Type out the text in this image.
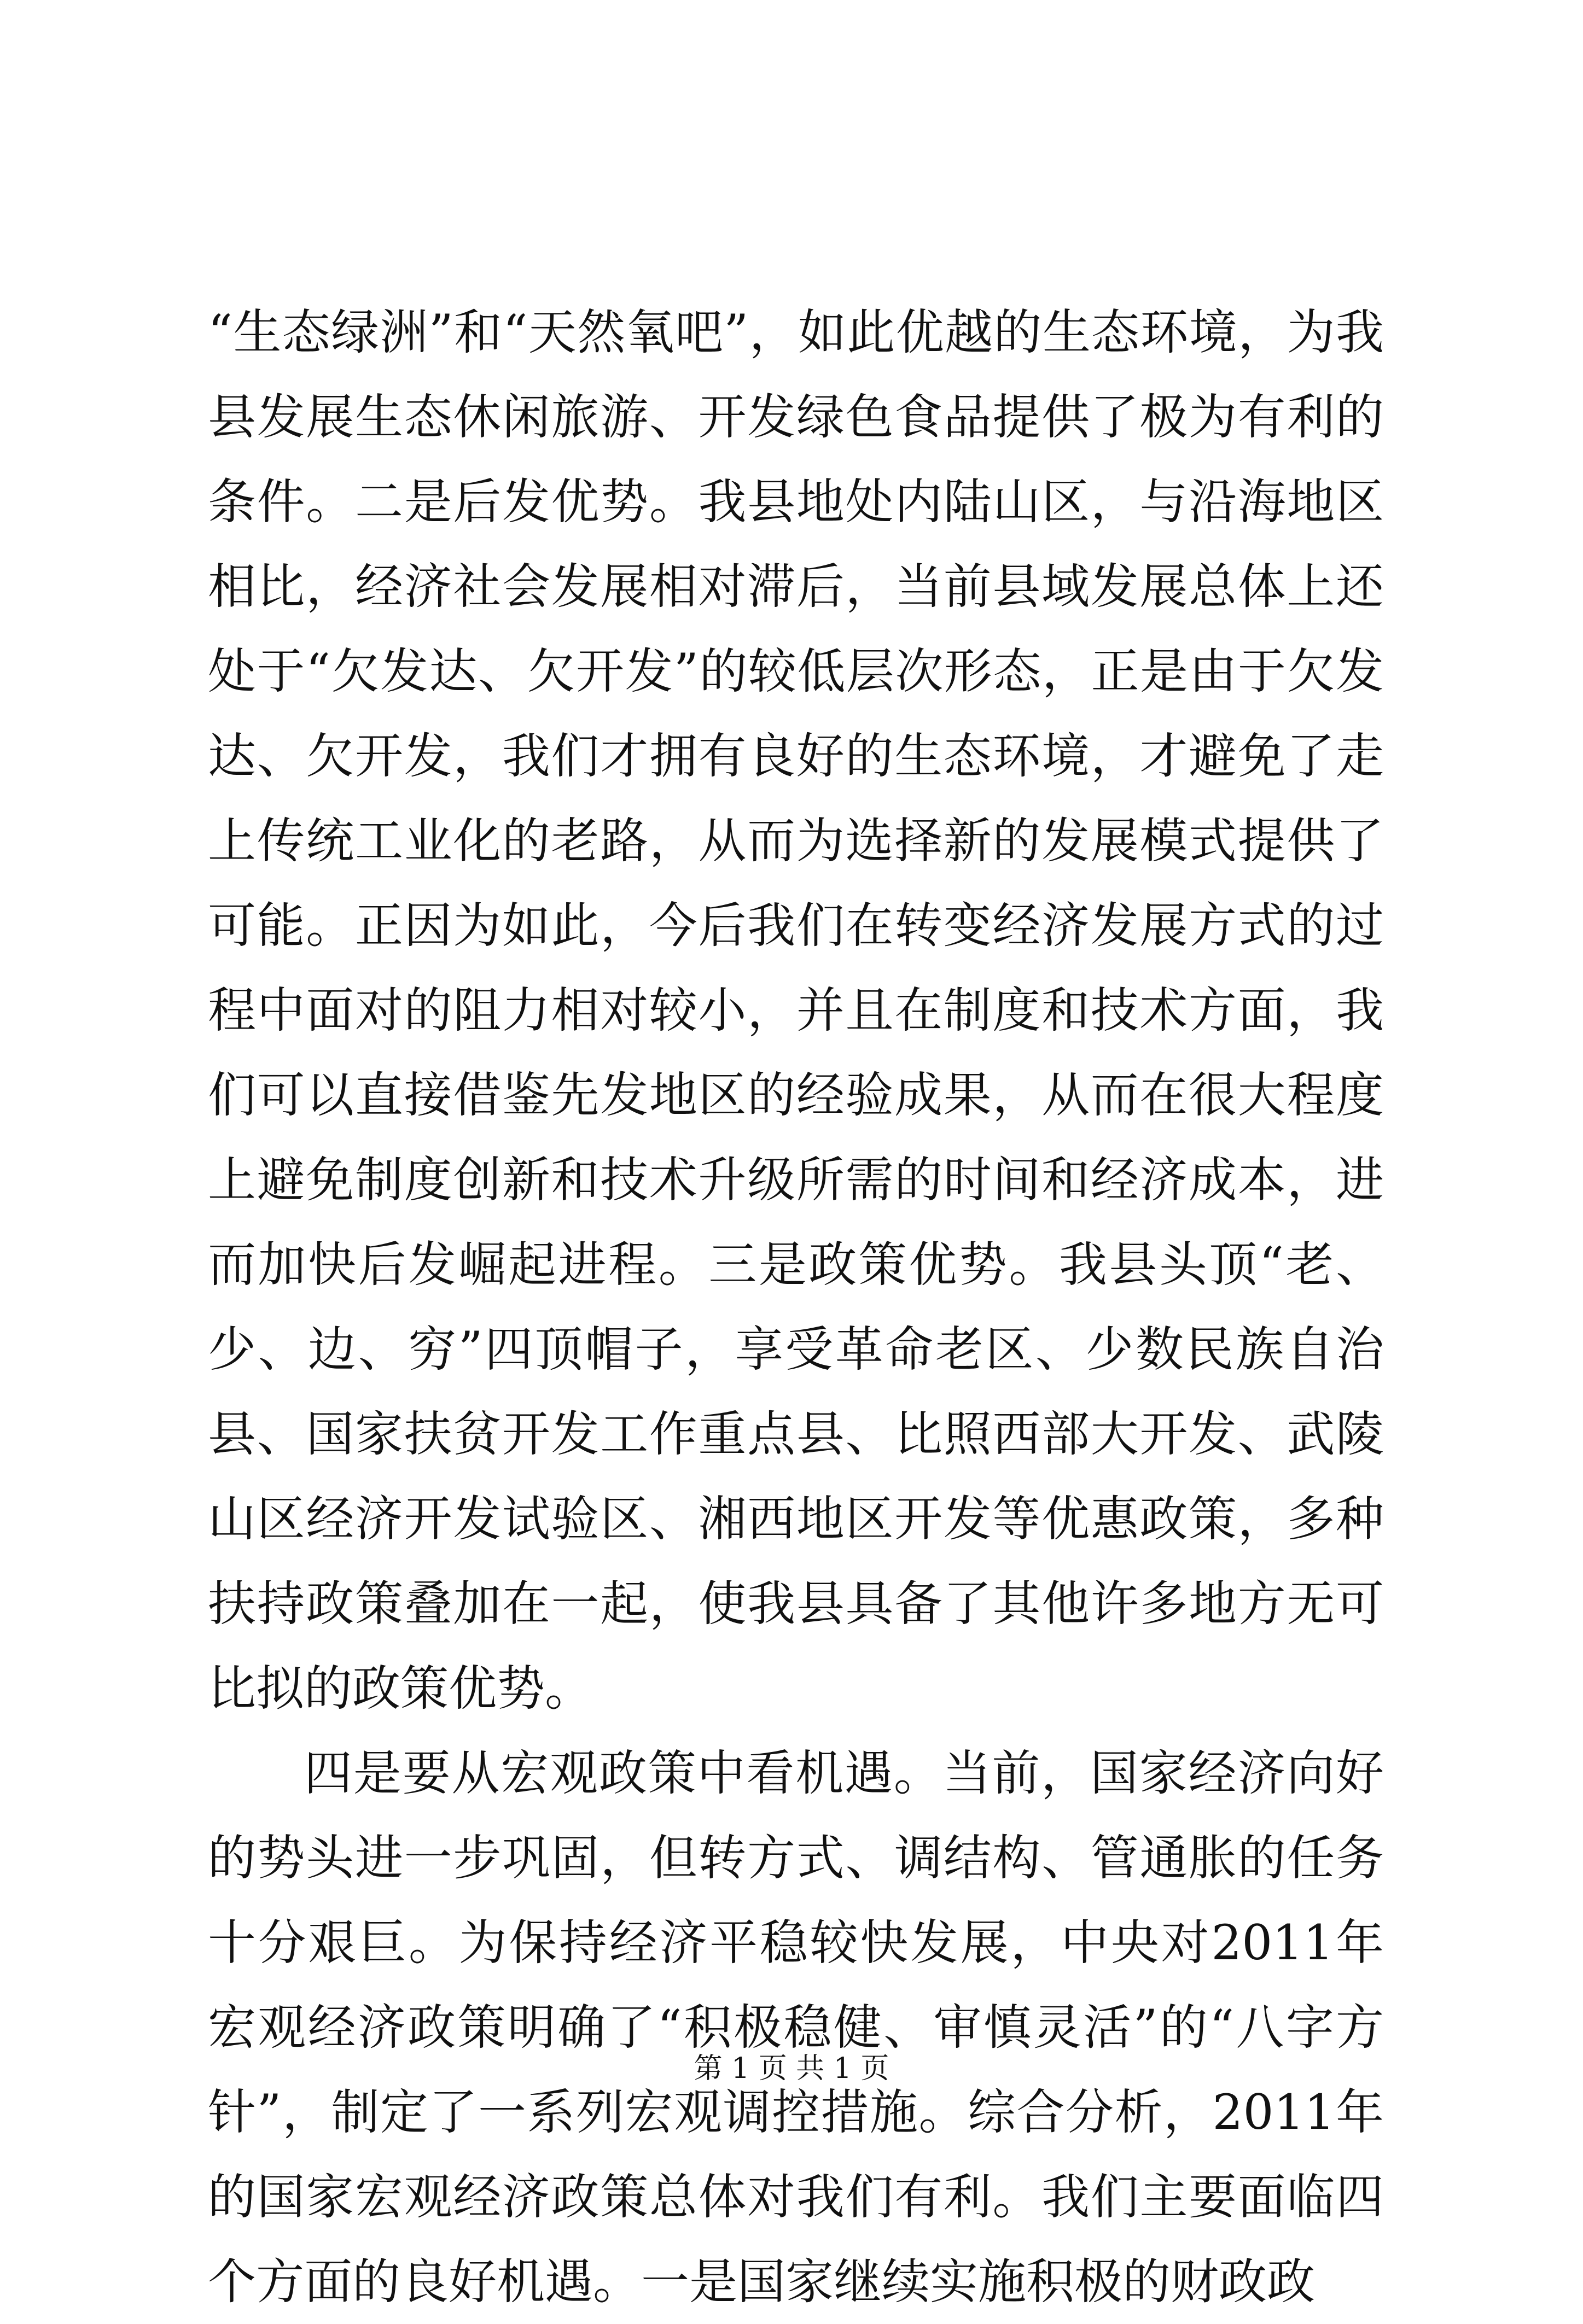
“生态绿洲”和“天然氧吧”，如此优越的生态环境，为我县发展生态休闲旅游、开发绿色食品提供了极为有利的条件。二是后发优势。我县地处内陆山区，与沿海地区相比，经济社会发展相对滞后，当前县域发展总体上还处于“欠发达、欠开发”的较低层次形态，正是由于欠发达、欠开发，我们才拥有良好的生态环境，才避免了走上传统工业化的老路，从而为选择新的发展模式提供了可能。正因为如此，今后我们在转变经济发展方式的过程中面对的阻力相对较小，并且在制度和技术方面，我们可以直接借鉴先发地区的经验成果，从而在很大程度上避免制度创新和技术升级所需的时间和经济成本，进而加快后发崛起进程。三是政策优势。我县头顶“老、少、边、穷”四顶帽子，享受革命老区、少数民族自治县、国家扶贫开发工作重点县、比照西部大开发、武陵山区经济开发试验区、湘西地区开发等优惠政策，多种扶持政策叠加在一起，使我县具备了其他许多地方无可比拟的政策优势。

四是要从宏观政策中看机遇。当前，国家经济向好的势头进一步巩固，但转方式、调结构、管通胀的任务十分艰巨。为保持经济平稳较快发展，中央对2011年宏观经济政策明确了“积极稳健、审慎灵活”的“八字方针”，制定了一系列宏观调控措施。综合分析，2011年的国家宏观经济政策总体对我们有利。我们主要面临四个方面的良好机遇。一是国家继续实施积极的财政政

第 1 页 共 1 页
